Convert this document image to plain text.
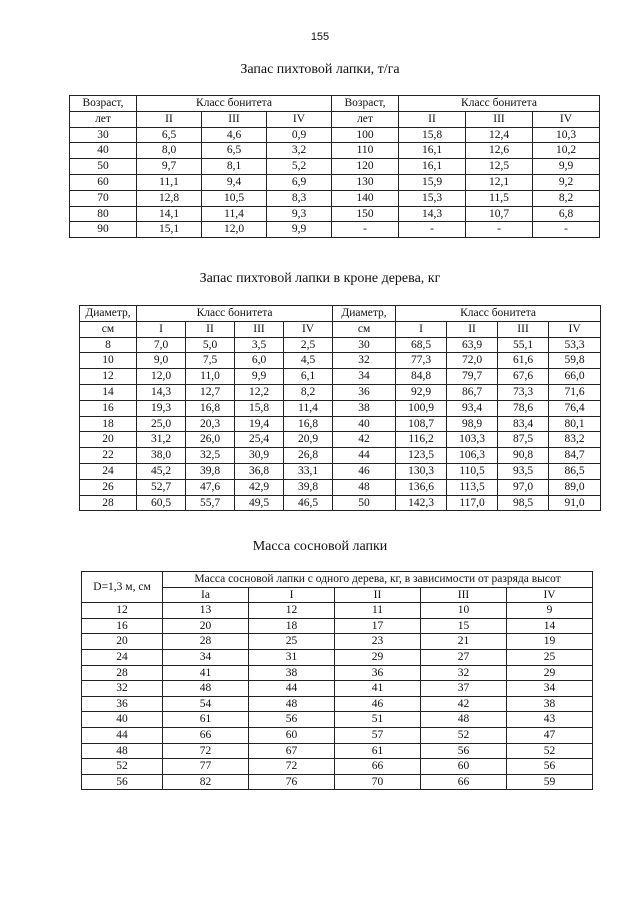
155
Запас пихтовой лапки, т/га
Возраст,	Класс бонитета			Возраст,	Класс бонитета		
лет	II	III	IV	лет	II	III	IV
30	6,5	4,6	0,9	100	15,8	12,4	10,3
40	8,0	6,5	3,2	110	16,1	12,6	10,2
50	9,7	8,1	5,2	120	16,1	12,5	9,9
60	11,1	9,4	6,9	130	15,9	12,1	9,2
70	12,8	10,5	8,3	140	15,3	11,5	8,2
80	14,1	11,4	9,3	150	14,3	10,7	6,8
90	15,1	12,0	9,9	-	-	-	-
Запас пихтовой лапки в кроне дерева, кг
Диаметр,	Класс бонитета				Диаметр,	Класс бонитета			
см	I	II	III	IV	см	I	II	III	IV
8	7,0	5,0	3,5	2,5	30	68,5	63,9	55,1	53,3
10	9,0	7,5	6,0	4,5	32	77,3	72,0	61,6	59,8
12	12,0	11,0	9,9	6,1	34	84,8	79,7	67,6	66,0
14	14,3	12,7	12,2	8,2	36	92,9	86,7	73,3	71,6
16	19,3	16,8	15,8	11,4	38	100,9	93,4	78,6	76,4
18	25,0	20,3	19,4	16,8	40	108,7	98,9	83,4	80,1
20	31,2	26,0	25,4	20,9	42	116,2	103,3	87,5	83,2
22	38,0	32,5	30,9	26,8	44	123,5	106,3	90,8	84,7
24	45,2	39,8	36,8	33,1	46	130,3	110,5	93,5	86,5
26	52,7	47,6	42,9	39,8	48	136,6	113,5	97,0	89,0
28	60,5	55,7	49,5	46,5	50	142,3	117,0	98,5	91,0
Масса сосновой лапки
D=1,3 м, см	Масса сосновой лапки с одного дерева, кг, в зависимости от разряда высот				
	Ia	I	II	III	IV
12	13	12	11	10	9
16	20	18	17	15	14
20	28	25	23	21	19
24	34	31	29	27	25
28	41	38	36	32	29
32	48	44	41	37	34
36	54	48	46	42	38
40	61	56	51	48	43
44	66	60	57	52	47
48	72	67	61	56	52
52	77	72	66	60	56
56	82	76	70	66	59
